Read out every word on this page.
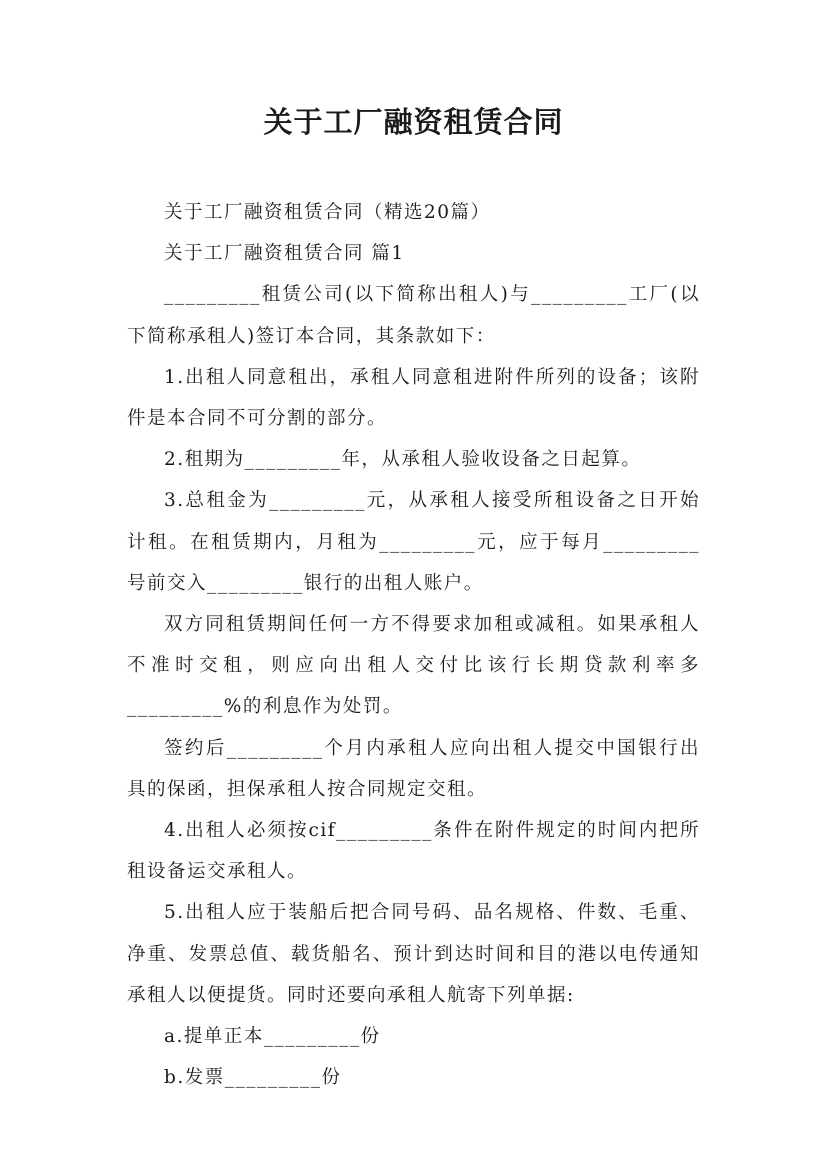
关于工厂融资租赁合同

关于工厂融资租赁合同（精选20篇）

关于工厂融资租赁合同 篇1

_________租赁公司(以下简称出租人)与_________工厂(以下简称承租人)签订本合同，其条款如下：

1.出租人同意租出，承租人同意租进附件所列的设备；该附件是本合同不可分割的部分。

2.租期为_________年，从承租人验收设备之日起算。

3.总租金为_________元，从承租人接受所租设备之日开始计租。在租赁期内，月租为_________元，应于每月_________号前交入_________银行的出租人账户。

双方同租赁期间任何一方不得要求加租或减租。如果承租人不准时交租，则应向出租人交付比该行长期贷款利率多_________%的利息作为处罚。

签约后_________个月内承租人应向出租人提交中国银行出具的保函，担保承租人按合同规定交租。

4.出租人必须按cif_________条件在附件规定的时间内把所租设备运交承租人。

5.出租人应于装船后把合同号码、品名规格、件数、毛重、净重、发票总值、载货船名、预计到达时间和目的港以电传通知承租人以便提货。同时还要向承租人航寄下列单据:

a.提单正本_________份

b.发票_________份
